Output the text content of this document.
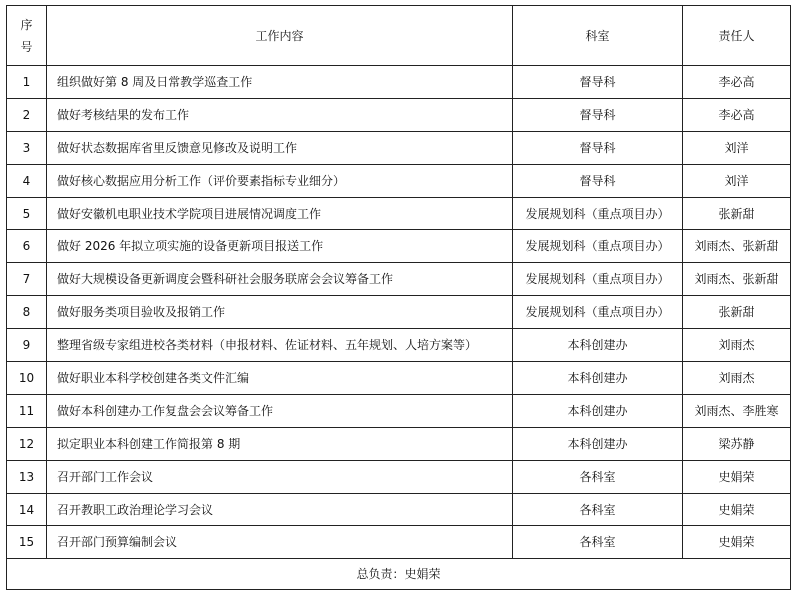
序
号	工作内容	科室	责任人
1	组织做好第 8 周及日常教学巡查工作	督导科	李必高
2	做好考核结果的发布工作	督导科	李必高
3	做好状态数据库省里反馈意见修改及说明工作	督导科	刘洋
4	做好核心数据应用分析工作（评价要素指标专业细分）	督导科	刘洋
5	做好安徽机电职业技术学院项目进展情况调度工作	发展规划科（重点项目办）	张新甜
6	做好 2026 年拟立项实施的设备更新项目报送工作	发展规划科（重点项目办）	刘雨杰、张新甜
7	做好大规模设备更新调度会暨科研社会服务联席会会议筹备工作	发展规划科（重点项目办）	刘雨杰、张新甜
8	做好服务类项目验收及报销工作	发展规划科（重点项目办）	张新甜
9	整理省级专家组进校各类材料（申报材料、佐证材料、五年规划、人培方案等）	本科创建办	刘雨杰
10	做好职业本科学校创建各类文件汇编	本科创建办	刘雨杰
11	做好本科创建办工作复盘会会议筹备工作	本科创建办	刘雨杰、李胜寒
12	拟定职业本科创建工作简报第 8 期	本科创建办	梁苏静
13	召开部门工作会议	各科室	史娟荣
14	召开教职工政治理论学习会议	各科室	史娟荣
15	召开部门预算编制会议	各科室	史娟荣
总负责：史娟荣			
